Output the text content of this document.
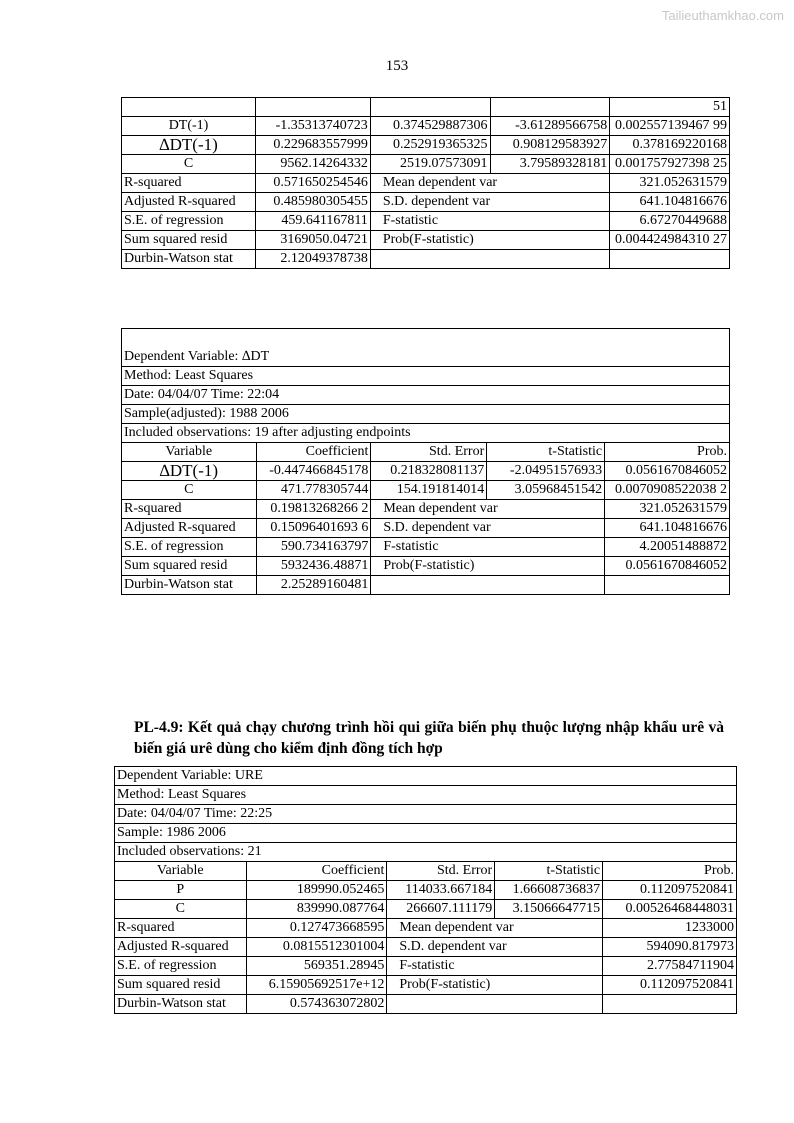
Tailieuthamkhao.com
153
				51
DT(-1)	-1.35313740723	0.374529887306	-3.61289566758	0.002557139467 99
∆DT(-1)	0.229683557999	0.252919365325	0.908129583927	0.378169220168
C	9562.14264332	2519.07573091	3.79589328181	0.001757927398 25
R-squared	0.571650254546	Mean dependent var		321.052631579
Adjusted R-squared	0.485980305455	S.D. dependent var		641.104816676
S.E. of regression	459.641167811	F-statistic		6.67270449688
Sum squared resid	3169050.04721	Prob(F-statistic)		0.004424984310 27
Durbin-Watson stat	2.12049378738			
Dependent Variable: ∆DT				
Method: Least Squares				
Date: 04/04/07 Time: 22:04				
Sample(adjusted): 1988 2006				
Included observations: 19 after adjusting endpoints				
Variable	Coefficient	Std. Error	t-Statistic	Prob.
∆DT(-1)	-0.447466845178	0.218328081137	-2.04951576933	0.0561670846052
C	471.778305744	154.191814014	3.05968451542	0.0070908522038 2
R-squared	0.19813268266 2	Mean dependent var		321.052631579
Adjusted R-squared	0.15096401693 6	S.D. dependent var		641.104816676
S.E. of regression	590.734163797	F-statistic		4.20051488872
Sum squared resid	5932436.48871	Prob(F-statistic)		0.0561670846052
Durbin-Watson stat	2.25289160481			
PL-4.9: Kết quả chạy chương trình hồi qui giữa biến phụ thuộc lượng nhập khẩu urê và biến giá urê dùng cho kiểm định đồng tích hợp
Dependent Variable: URE				
Method: Least Squares				
Date: 04/04/07 Time: 22:25				
Sample: 1986 2006				
Included observations: 21				
Variable	Coefficient	Std. Error	t-Statistic	Prob.
P	189990.052465	114033.667184	1.66608736837	0.112097520841
C	839990.087764	266607.111179	3.15066647715	0.00526468448031
R-squared	0.127473668595	Mean dependent var		1233000
Adjusted R-squared	0.0815512301004	S.D. dependent var		594090.817973
S.E. of regression	569351.28945	F-statistic		2.77584711904
Sum squared resid	6.15905692517e+12	Prob(F-statistic)		0.112097520841
Durbin-Watson stat	0.574363072802			
